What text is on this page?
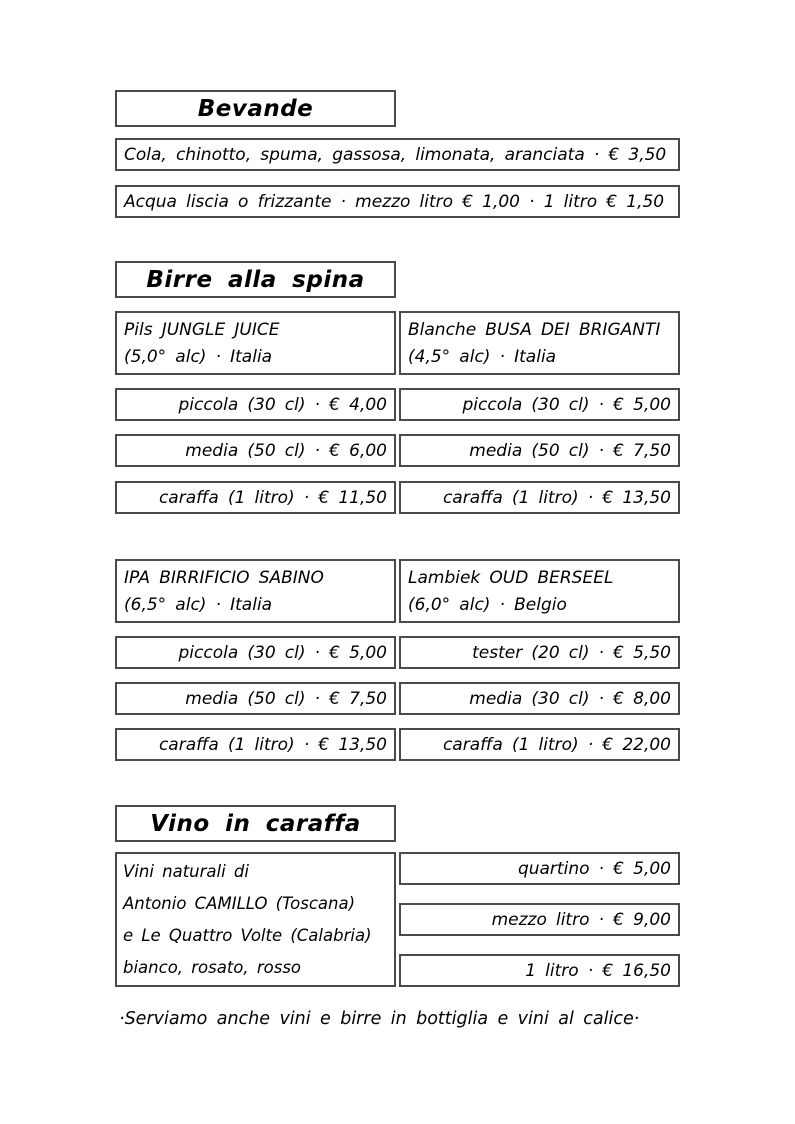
Bevande
Cola, chinotto, spuma, gassosa, limonata, aranciata · € 3,50
Acqua liscia o frizzante · mezzo litro € 1,00 · 1 litro € 1,50
Birre alla spina
Pils JUNGLE JUICE
(5,0° alc) · Italia
Blanche BUSA DEI BRIGANTI
(4,5° alc) · Italia
piccola (30 cl) · € 4,00	piccola (30 cl) · € 5,00
media (50 cl) · € 6,00	media (50 cl) · € 7,50
caraffa (1 litro) · € 11,50	caraffa (1 litro) · € 13,50
IPA BIRRIFICIO SABINO
(6,5° alc) · Italia
Lambiek OUD BERSEEL
(6,0° alc) · Belgio
piccola (30 cl) · € 5,00	tester (20 cl) · € 5,50
media (50 cl) · € 7,50	media (30 cl) · € 8,00
caraffa (1 litro) · € 13,50	caraffa (1 litro) · € 22,00
Vino in caraffa
Vini naturali di
Antonio CAMILLO (Toscana)
e Le Quattro Volte (Calabria)
bianco, rosato, rosso
quartino · € 5,00
mezzo litro · € 9,00
1 litro · € 16,50
·Serviamo anche vini e birre in bottiglia e vini al calice·
